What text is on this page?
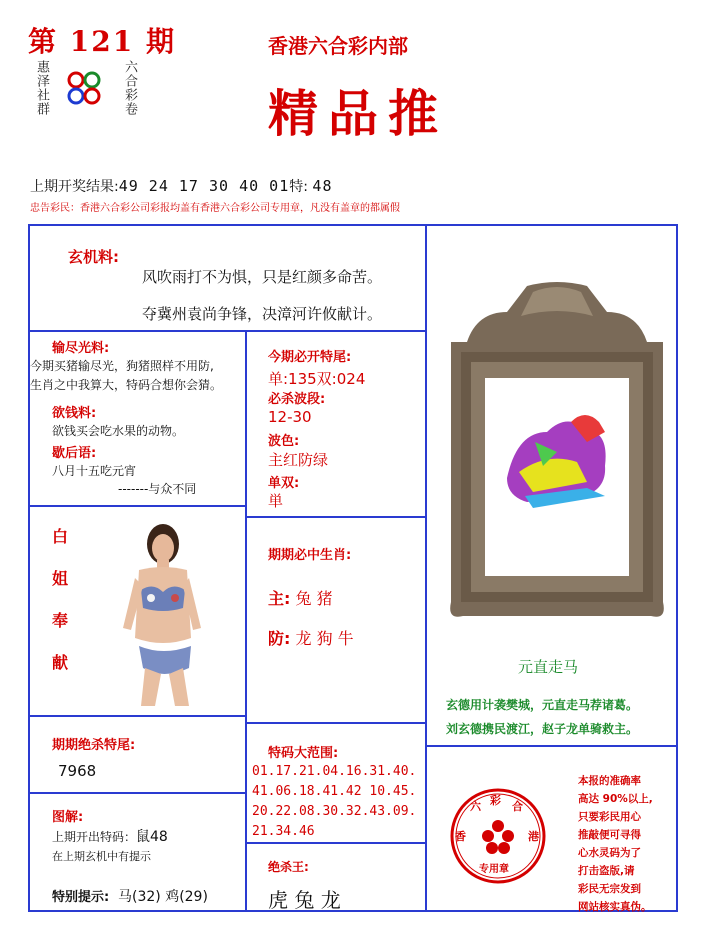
第 121 期
惠泽社群	六合彩卷
香港六合彩内部
精品推
上期开奖结果:49 24 17 30 40 01特: 48
忠告彩民：香港六合彩公司彩报均盖有香港六合彩公司专用章，凡没有盖章的都属假
玄机料:
风吹雨打不为惧，只是红颜多命苦。
夺冀州袁尚争锋，决漳河许攸献计。
输尽光料:
今期买猪输尽光，狗猪照样不用防,
生肖之中我算大，特码合想你会猜。
欲钱料:
欲钱买会吃水果的动物。
歇后语:
八月十五吃元宵
-------与众不同
白
姐
奉
献
今期必开特尾:
单:135双:024
必杀波段:
12-30
波色:
主红防绿
单双:
単
期期必中生肖:
主: 兔 猪
防: 龙 狗 牛
元直走马
玄德用计袭樊城，元直走马荐诸葛。
刘玄德携民渡江，赵子龙单骑救主。
期期绝杀特尾:
7968
图解:
上期开出特码：鼠48
在上期玄机中有提示
特别提示: 马(32) 鸡(29)
特码大范围:
01.17.21.04.16.31.40.
41.06.18.41.42 10.45.
20.22.08.30.32.43.09.
21.34.46
绝杀王:
虎 兔 龙
六 彩 合
香	港
专用章
本报的准确率
高达 90%以上,
只要彩民用心
推敲便可寻得
心水灵码为了
打击盗版,请
彩民无宗发到
网站核实真伪。
